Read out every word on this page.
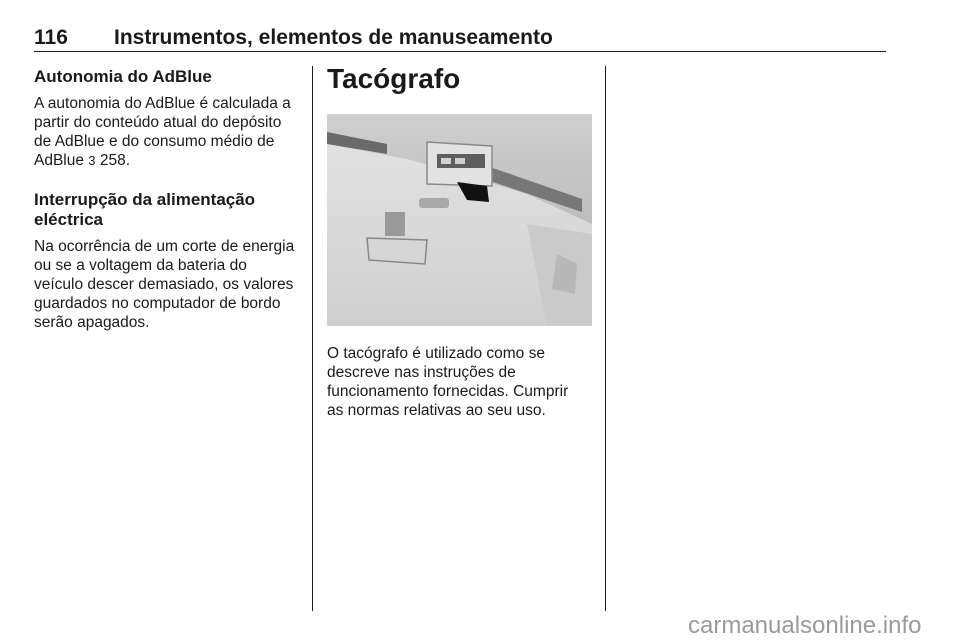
116 Instrumentos, elementos de manuseamento
Autonomia do AdBlue
A autonomia do AdBlue é calculada a
partir do conteúdo atual do depósito
de AdBlue e do consumo médio de
AdBlue 3 258.
Interrupção da alimentação
eléctrica
Na ocorrência de um corte de energia
ou se a voltagem da bateria do
veículo descer demasiado, os valores
guardados no computador de bordo
serão apagados.
Tacógrafo
O tacógrafo é utilizado como se
descreve nas instruções de
funcionamento fornecidas. Cumprir
as normas relativas ao seu uso.
carmanualsonline.info
